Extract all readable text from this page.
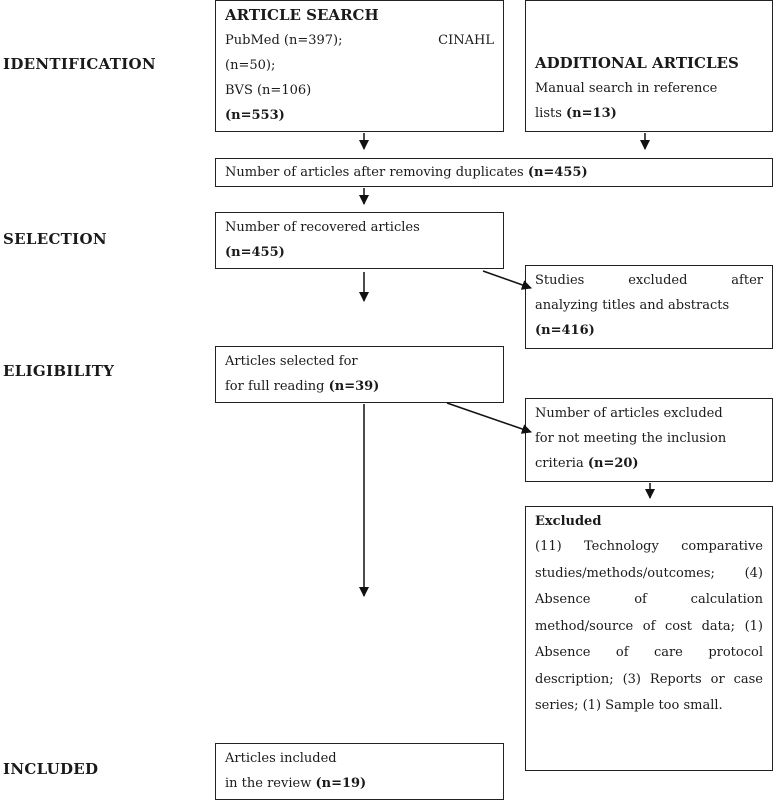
IDENTIFICATION
SELECTION
ELIGIBILITY
INCLUDED

ARTICLE SEARCH

PubMed (n=397);	CINAHL

(n=50);

BVS (n=106)

(n=553)

ADDITIONAL ARTICLES

Manual search in reference

lists (n=13)

Number of articles after removing duplicates (n=455)

Number of recovered articles

(n=455)

Studies excluded after

analyzing titles and abstracts

(n=416)

Articles selected for

for full reading (n=39)

Number of articles excluded

for not meeting the inclusion

criteria (n=20)

Excluded

(11) Technology comparative studies/methods/outcomes; (4) Absence of calculation method/source of cost data; (1) Absence of care protocol description; (3) Reports or case series; (1) Sample too small.

Articles included

in the review (n=19)
